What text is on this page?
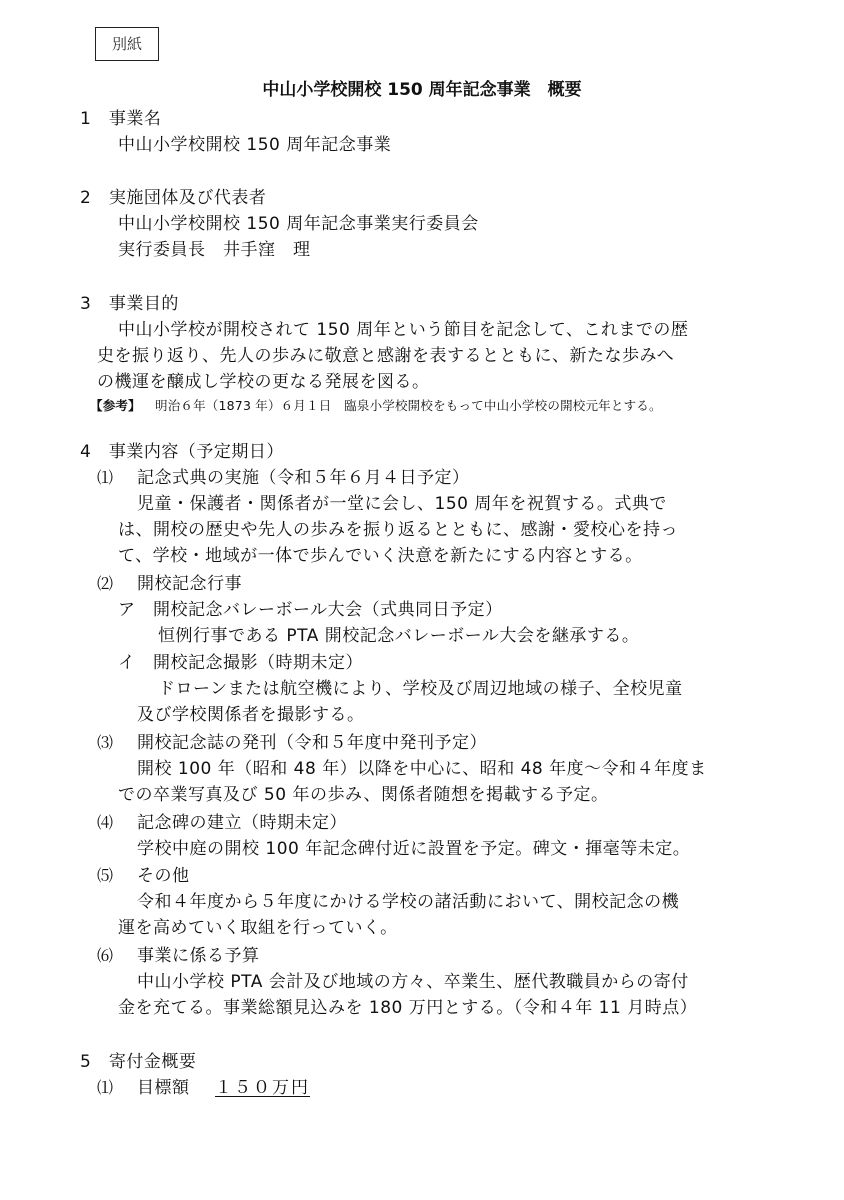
別紙
中山小学校開校 150 周年記念事業　概要
1　事業名
中山小学校開校 150 周年記念事業
2　実施団体及び代表者
中山小学校開校 150 周年記念事業実行委員会
実行委員長　井手窪　理
3　事業目的
中山小学校が開校されて 150 周年という節目を記念して、これまでの歴
史を振り返り、先人の歩みに敬意と感謝を表するとともに、新たな歩みへ
の機運を醸成し学校の更なる発展を図る。
【参考】 明治６年（1873 年）６月１日　臨泉小学校開校をもって中山小学校の開校元年とする。
4　事業内容（予定期日）
⑴ 記念式典の実施（令和５年６月４日予定）
児童・保護者・関係者が一堂に会し、150 周年を祝賀する。式典で
は、開校の歴史や先人の歩みを振り返るとともに、感謝・愛校心を持っ
て、学校・地域が一体で歩んでいく決意を新たにする内容とする。
⑵ 開校記念行事
ア　開校記念バレーボール大会（式典同日予定）
恒例行事である PTA 開校記念バレーボール大会を継承する。
イ　開校記念撮影（時期未定）
ドローンまたは航空機により、学校及び周辺地域の様子、全校児童
及び学校関係者を撮影する。
⑶ 開校記念誌の発刊（令和５年度中発刊予定）
開校 100 年（昭和 48 年）以降を中心に、昭和 48 年度～令和４年度ま
での卒業写真及び 50 年の歩み、関係者随想を掲載する予定。
⑷ 記念碑の建立（時期未定）
学校中庭の開校 100 年記念碑付近に設置を予定。碑文・揮毫等未定。
⑸ その他
令和４年度から５年度にかける学校の諸活動において、開校記念の機
運を高めていく取組を行っていく。
⑹ 事業に係る予算
中山小学校 PTA 会計及び地域の方々、卒業生、歴代教職員からの寄付
金を充てる。事業総額見込みを 180 万円とする。（令和４年 11 月時点）
5　寄付金概要
⑴ 目標額 １５０万円
